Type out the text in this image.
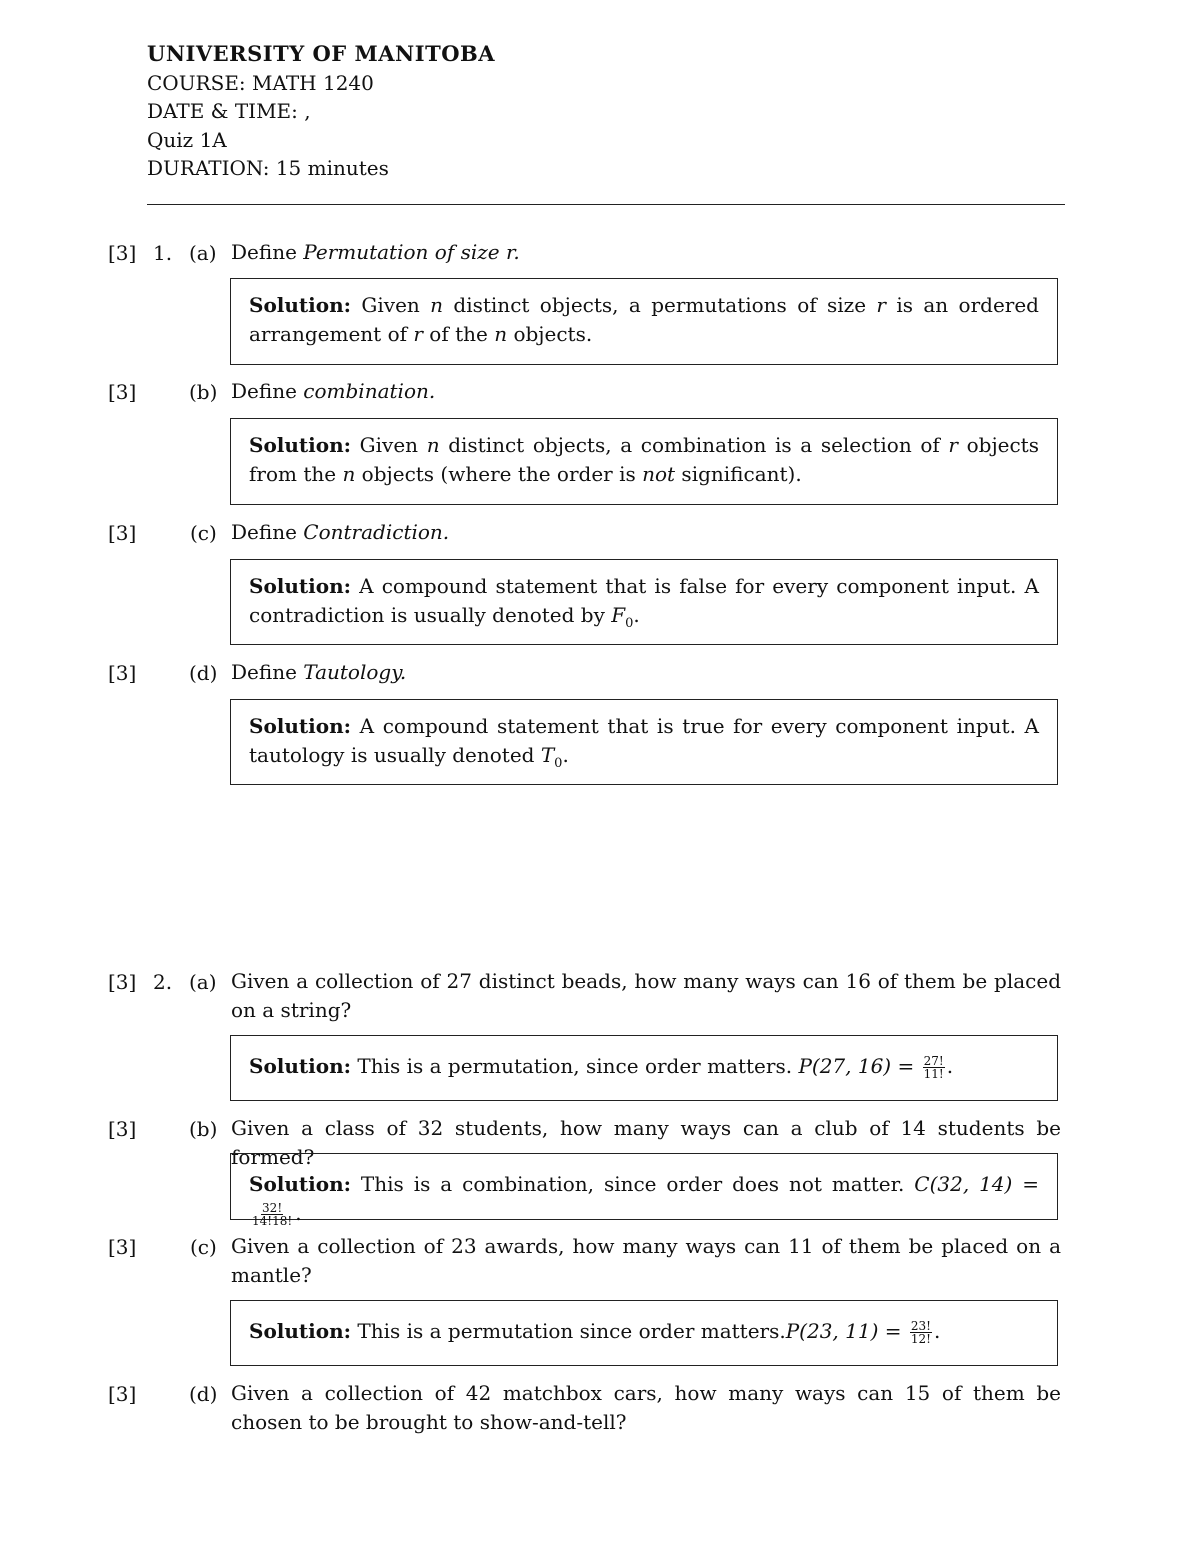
UNIVERSITY OF MANITOBA
COURSE: MATH 1240
DATE & TIME: ,
Quiz 1A
DURATION: 15 minutes
[3] 1. (a) Define Permutation of size r.
Solution: Given n distinct objects, a permutations of size r is an ordered arrangement of r of the n objects.
[3]	(b) Define combination.
Solution: Given n distinct objects, a combination is a selection of r objects from the n objects (where the order is not significant).
[3]	(c) Define Contradiction.
Solution: A compound statement that is false for every component input. A contradiction is usually denoted by $F_0$.
[3]	(d) Define Tautology.
Solution: A compound statement that is true for every component input. A tautology is usually denoted $T_0$.
[3] 2. (a) Given a collection of 27 distinct beads, how many ways can 16 of them be placed on a string?
Solution: This is a permutation, since order matters. P(27, $16) = \frac{27!}{11!}$ .
[3]	(b) Given a class of 32 students, how many ways can a club of 14 students be formed?
Solution: This is a combination, since order does not matter. C(32, 14) =
$\frac{32!}{14!18!}$ .
[3]	(c) Given a collection of 23 awards, how many ways can 11 of them be placed on a mantle?
Solution: This is a permutation since order matters.P(23, $11) = \frac{23!}{12!}$ .
[3]	(d) Given a collection of 42 matchbox cars, how many ways can 15 of them be chosen to be brought to show-and-tell?
